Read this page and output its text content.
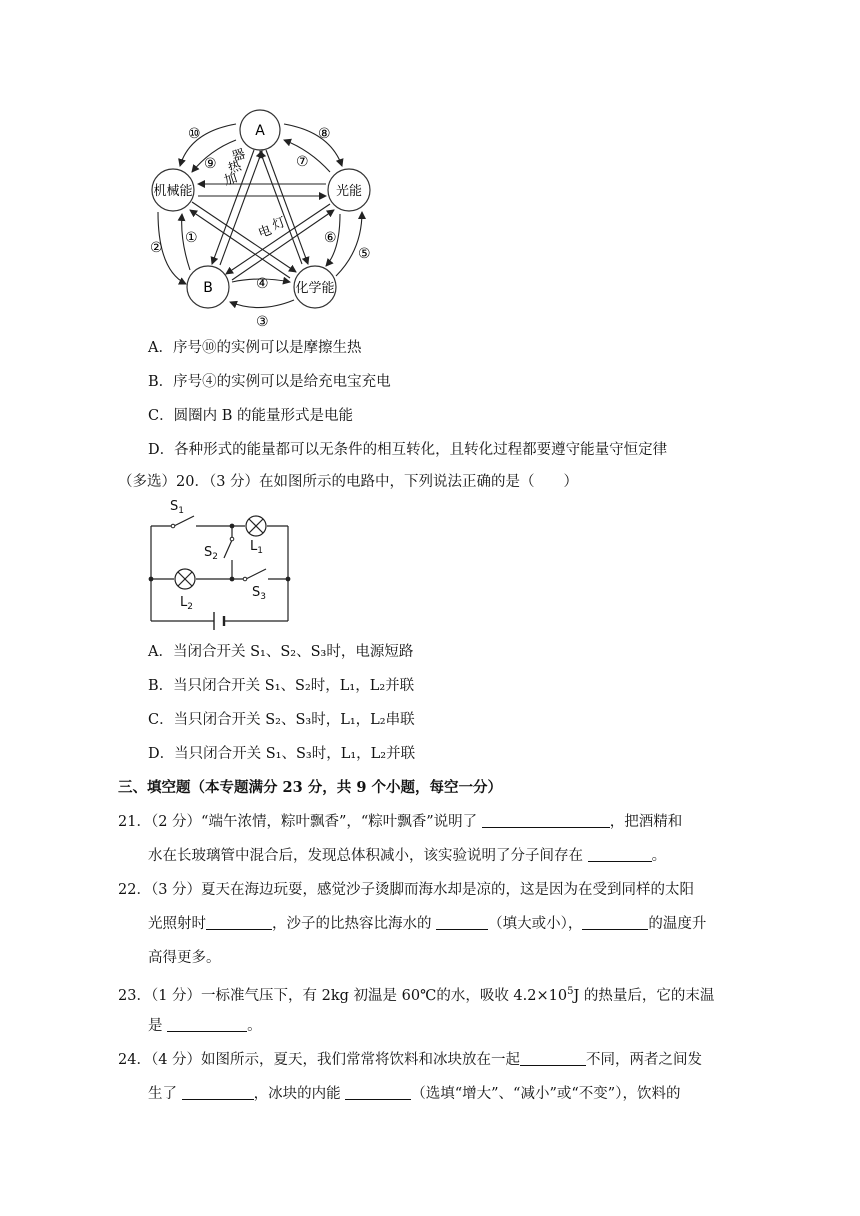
A
机械能	光能
B	化学能
⑩
⑨
⑧
⑦
②
①	⑥
⑤
④
③
器
热
加
电
灯
A．序号⑩的实例可以是摩擦生热
B．序号④的实例可以是给充电宝充电
C．圆圈内 B 的能量形式是电能
D．各种形式的能量都可以无条件的相互转化，且转化过程都要遵守能量守恒定律
（多选）20．（3 分）在如图所示的电路中，下列说法正确的是（　　）
$S_1$
$S_2$
$L_1$
$L_2$
$S_3$
A．当闭合开关 S₁、S₂、S₃时，电源短路
B．当只闭合开关 S₁、S₂时，L₁，L₂并联
C．当只闭合开关 S₂、S₃时，L₁，L₂串联
D．当只闭合开关 S₁、S₃时，L₁，L₂并联
三、填空题（本专题满分 23 分，共 9 个小题，每空一分）
21．（2 分）“端午浓情，粽叶飘香”，“粽叶飘香”说明了	，把酒精和
水在长玻璃管中混合后，发现总体积减小，该实验说明了分子间存在	。
22．（3 分）夏天在海边玩耍，感觉沙子烫脚而海水却是凉的，这是因为在受到同样的太阳
光照射时	，沙子的比热容比海水的	（填大或小），	的温度升
高得更多。
23．（1 分）一标准气压下，有 2kg 初温是 60℃的水，吸收 $4.2\times 10^5J$ 的热量后，它的末温
是	。
24．（4 分）如图所示，夏天，我们常常将饮料和冰块放在一起	不同，两者之间发
生了	，冰块的内能	（选填“增大”、“减小”或“不变”），饮料的
